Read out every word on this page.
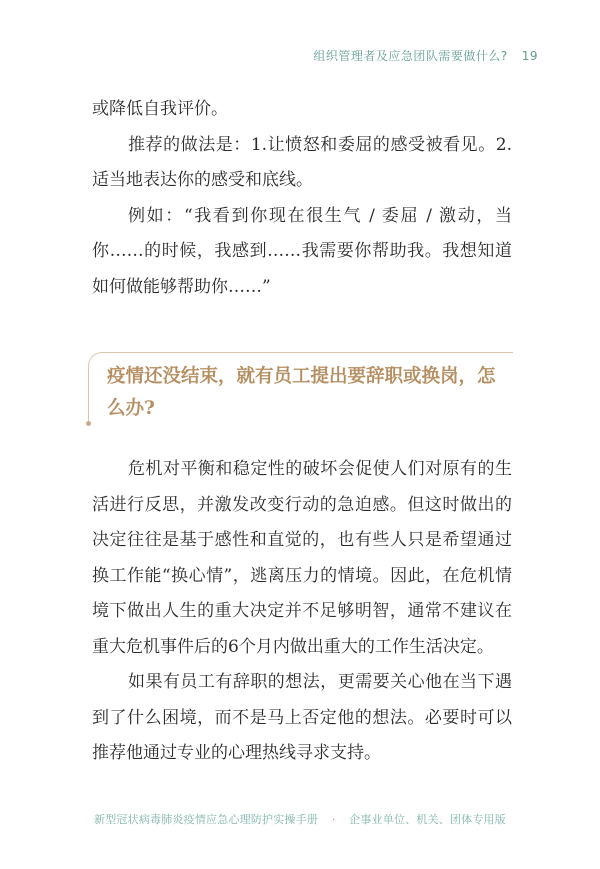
组织管理者及应急团队需要做什么? 19

或降低自我评价。

推荐的做法是：1.让愤怒和委屈的感受被看见。2.适当地表达你的感受和底线。

例如：“我看到你现在很生气 / 委屈 / 激动，当你……的时候，我感到……我需要你帮助我。我想知道如何做能够帮助你……”

疫情还没结束，就有员工提出要辞职或换岗，怎么办?

危机对平衡和稳定性的破坏会促使人们对原有的生活进行反思，并激发改变行动的急迫感。但这时做出的决定往往是基于感性和直觉的，也有些人只是希望通过换工作能“换心情”，逃离压力的情境。因此，在危机情境下做出人生的重大决定并不足够明智，通常不建议在重大危机事件后的6个月内做出重大的工作生活决定。

如果有员工有辞职的想法，更需要关心他在当下遇到了什么困境，而不是马上否定他的想法。必要时可以推荐他通过专业的心理热线寻求支持。

新型冠状病毒肺炎疫情应急心理防护实操手册 · 企事业单位、机关、团体专用版
